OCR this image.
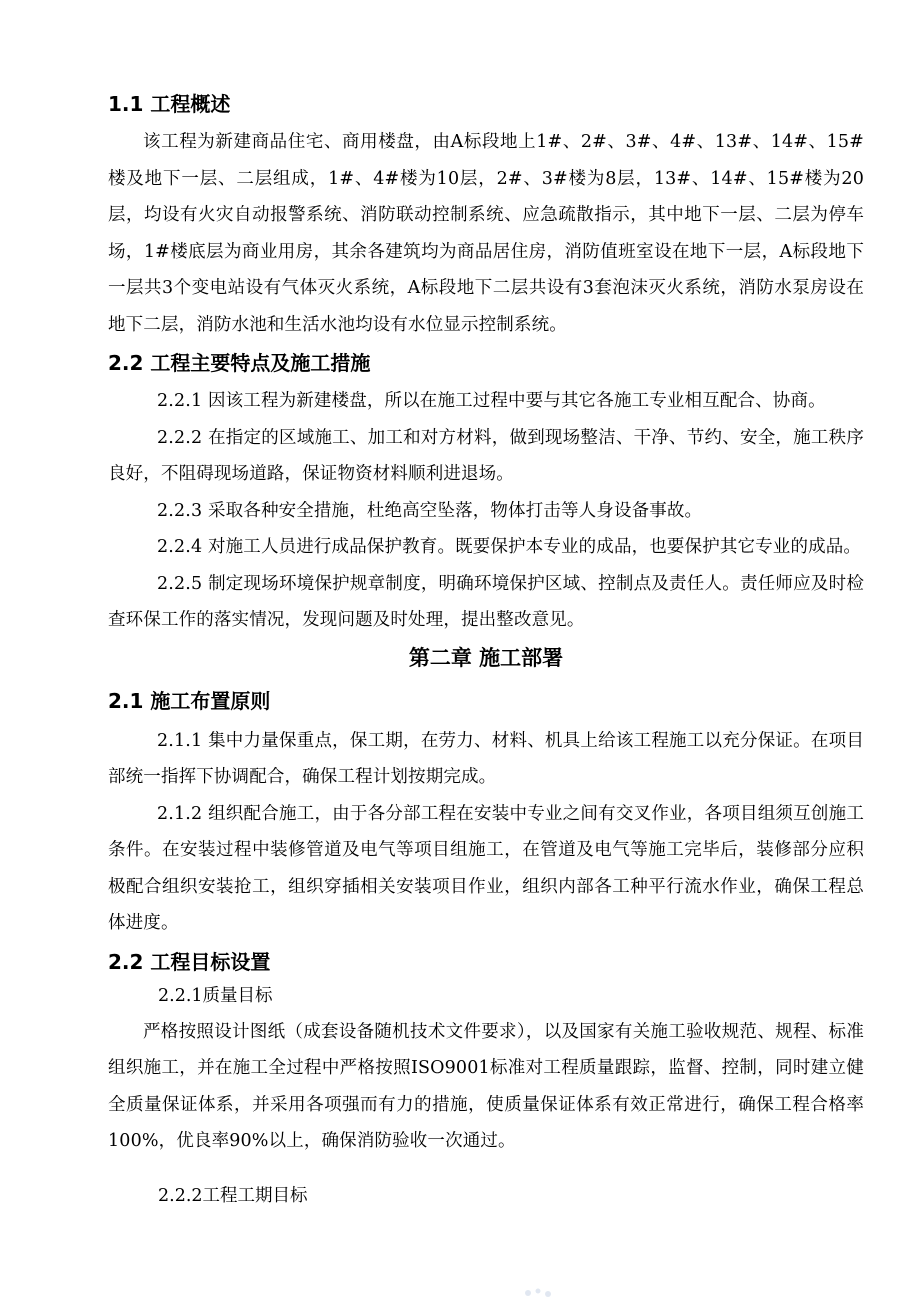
1.1 工程概述

该工程为新建商品住宅、商用楼盘，由A标段地上1#、2#、3#、4#、13#、14#、15#楼及地下一层、二层组成，1#、4#楼为10层，2#、3#楼为8层，13#、14#、15#楼为20层，均设有火灾自动报警系统、消防联动控制系统、应急疏散指示，其中地下一层、二层为停车场，1#楼底层为商业用房，其余各建筑均为商品居住房，消防值班室设在地下一层，A标段地下一层共3个变电站设有气体灭火系统，A标段地下二层共设有3套泡沫灭火系统，消防水泵房设在地下二层，消防水池和生活水池均设有水位显示控制系统。

2.2 工程主要特点及施工措施

2.2.1 因该工程为新建楼盘，所以在施工过程中要与其它各施工专业相互配合、协商。

2.2.2 在指定的区域施工、加工和对方材料，做到现场整洁、干净、节约、安全，施工秩序良好，不阻碍现场道路，保证物资材料顺利进退场。

2.2.3 采取各种安全措施，杜绝高空坠落，物体打击等人身设备事故。

2.2.4 对施工人员进行成品保护教育。既要保护本专业的成品，也要保护其它专业的成品。

2.2.5 制定现场环境保护规章制度，明确环境保护区域、控制点及责任人。责任师应及时检查环保工作的落实情况，发现问题及时处理，提出整改意见。

第二章 施工部署
2.1 施工布置原则

2.1.1 集中力量保重点，保工期，在劳力、材料、机具上给该工程施工以充分保证。在项目部统一指挥下协调配合，确保工程计划按期完成。

2.1.2 组织配合施工，由于各分部工程在安装中专业之间有交叉作业，各项目组须互创施工条件。在安装过程中装修管道及电气等项目组施工，在管道及电气等施工完毕后，装修部分应积极配合组织安装抢工，组织穿插相关安装项目作业，组织内部各工种平行流水作业，确保工程总体进度。

2.2 工程目标设置

2.2.1质量目标

严格按照设计图纸（成套设备随机技术文件要求），以及国家有关施工验收规范、规程、标准组织施工，并在施工全过程中严格按照ISO9001标准对工程质量跟踪，监督、控制，同时建立健全质量保证体系，并采用各项强而有力的措施，使质量保证体系有效正常进行，确保工程合格率100%，优良率90%以上，确保消防验收一次通过。

2.2.2工程工期目标
